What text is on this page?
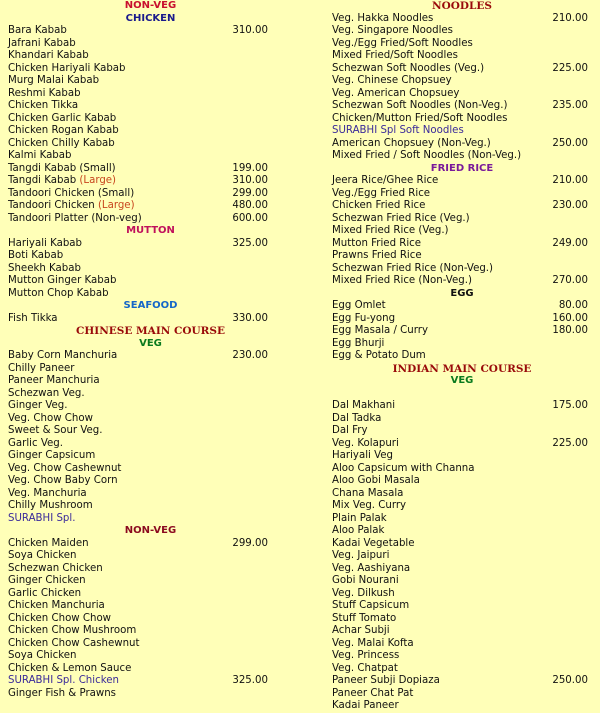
NON-VEG
CHICKEN
Bara Kabab	310.00
Jafrani Kabab
Khandari Kabab
Chicken Hariyali Kabab
Murg Malai Kabab
Reshmi Kabab
Chicken Tikka
Chicken Garlic Kabab
Chicken Rogan Kabab
Chicken Chilly Kabab
Kalmi Kabab
Tangdi Kabab (Small)	199.00
Tangdi Kabab (Large)	310.00
Tandoori Chicken (Small)	299.00
Tandoori Chicken (Large)	480.00
Tandoori Platter (Non-veg)	600.00
MUTTON
Hariyali Kabab	325.00
Boti Kabab
Sheekh Kabab
Mutton Ginger Kabab
Mutton Chop Kabab
SEAFOOD
Fish Tikka	330.00
CHINESE MAIN COURSE
VEG
Baby Corn Manchuria	230.00
Chilly Paneer
Paneer Manchuria
Schezwan Veg.
Ginger Veg.
Veg. Chow Chow
Sweet & Sour Veg.
Garlic Veg.
Ginger Capsicum
Veg. Chow Cashewnut
Veg. Chow Baby Corn
Veg. Manchuria
Chilly Mushroom
SURABHI Spl.
NON-VEG
Chicken Maiden	299.00
Soya Chicken
Schezwan Chicken
Ginger Chicken
Garlic Chicken
Chicken Manchuria
Chicken Chow Chow
Chicken Chow Mushroom
Chicken Chow Cashewnut
Soya Chicken
Chicken & Lemon Sauce
SURABHI Spl. Chicken	325.00
Ginger Fish & Prawns
NOODLES
Veg. Hakka Noodles	210.00
Veg. Singapore Noodles
Veg./Egg Fried/Soft Noodles
Mixed Fried/Soft Noodles
Schezwan Soft Noodles (Veg.)	225.00
Veg. Chinese Chopsuey
Veg. American Chopsuey
Schezwan Soft Noodles (Non-Veg.)	235.00
Chicken/Mutton Fried/Soft Noodles
SURABHI Spl Soft Noodles
American Chopsuey (Non-Veg.)	250.00
Mixed Fried / Soft Noodles (Non-Veg.)
FRIED RICE
Jeera Rice/Ghee Rice	210.00
Veg./Egg Fried Rice
Chicken Fried Rice	230.00
Schezwan Fried Rice (Veg.)
Mixed Fried Rice (Veg.)
Mutton Fried Rice	249.00
Prawns Fried Rice
Schezwan Fried Rice (Non-Veg.)
Mixed Fried Rice (Non-Veg.)	270.00
EGG
Egg Omlet	80.00
Egg Fu-yong	160.00
Egg Masala / Curry	180.00
Egg Bhurji
Egg & Potato Dum
INDIAN MAIN COURSE
VEG
Dal Makhani	175.00
Dal Tadka
Dal Fry
Veg. Kolapuri	225.00
Hariyali Veg
Aloo Capsicum with Channa
Aloo Gobi Masala
Chana Masala
Mix Veg. Curry
Plain Palak
Aloo Palak
Kadai Vegetable
Veg. Jaipuri
Veg. Aashiyana
Gobi Nourani
Veg. Dilkush
Stuff Capsicum
Stuff Tomato
Achar Subji
Veg. Malai Kofta
Veg. Princess
Veg. Chatpat
Paneer Subji Dopiaza	250.00
Paneer Chat Pat
Kadai Paneer
